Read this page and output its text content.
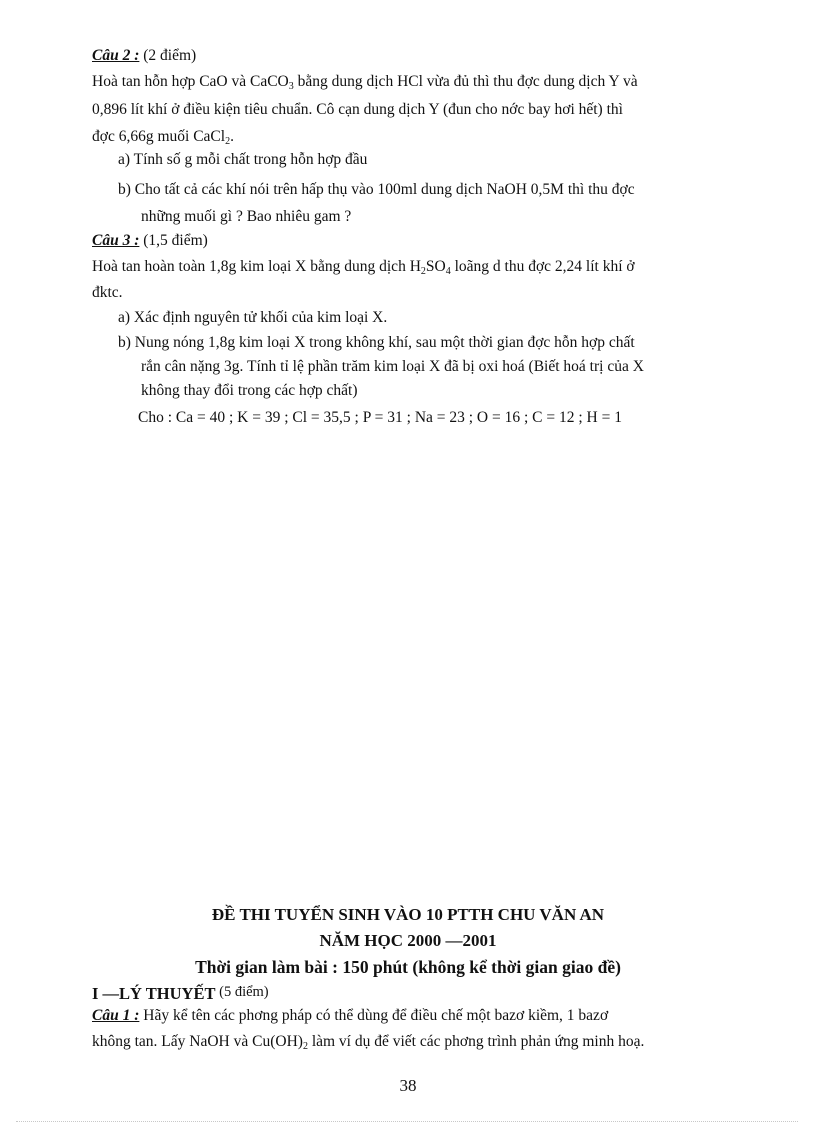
Câu 2 : (2 điểm)
Hoà tan hỗn hợp CaO và CaCO$_3$ bằng dung dịch HCl vừa đủ thì thu đợc dung dịch Y và
0,896 lít khí ở điều kiện tiêu chuẩn. Cô cạn dung dịch Y (đun cho nớc bay hơi hết) thì
đợc 6,66g muối CaCl$_2$.
a) Tính số g mỗi chất trong hỗn hợp đầu
b) Cho tất cả các khí nói trên hấp thụ vào 100ml dung dịch NaOH 0,5M thì thu đợc
những muối gì ? Bao nhiêu gam ?
Câu 3 : (1,5 điểm)
Hoà tan hoàn toàn 1,8g kim loại X bằng dung dịch $H_2SO_4$ loãng d thu đợc 2,24 lít khí ở
đktc.
a) Xác định nguyên tử khối của kim loại X.
b) Nung nóng 1,8g kim loại X trong không khí, sau một thời gian đợc hỗn hợp chất
rắn cân nặng 3g. Tính tỉ lệ phần trăm kim loại X đã bị oxi hoá (Biết hoá trị của X
không thay đổi trong các hợp chất)
Cho : Ca = 40 ; K = 39 ; Cl = 35,5 ; P = 31 ; Na = 23 ; O = 16 ; C = 12 ; H = 1
ĐỀ THI TUYỂN SINH VÀO 10 PTTH CHU VĂN AN
NĂM HỌC 2000 —2001
Thời gian làm bài : 150 phút (không kể thời gian giao đề)
I —LÝ THUYẾT (5 điểm)
Câu 1 : Hãy kể tên các phơng pháp có thể dùng để điều chế một bazơ kiềm, 1 bazơ
không tan. Lấy NaOH và $Cu(OH)_2$ làm ví dụ để viết các phơng trình phản ứng minh hoạ.
38
